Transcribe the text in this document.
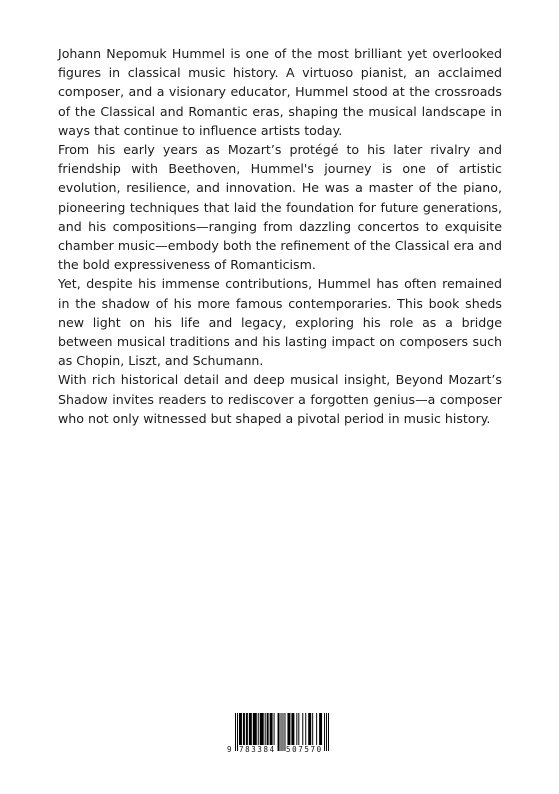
Johann Nepomuk Hummel is one of the most brilliant yet overlooked figures in classical music history. A virtuoso pianist, an acclaimed composer, and a visionary educator, Hummel stood at the crossroads of the Classical and Romantic eras, shaping the musical landscape in ways that continue to influence artists today.

From his early years as Mozart’s protégé to his later rivalry and friendship with Beethoven, Hummel's journey is one of artistic evolution, resilience, and innovation. He was a master of the piano, pioneering techniques that laid the foundation for future generations, and his compositions—ranging from dazzling concertos to exquisite chamber music—embody both the refinement of the Classical era and the bold expressiveness of Romanticism.

Yet, despite his immense contributions, Hummel has often remained in the shadow of his more famous contemporaries. This book sheds new light on his life and legacy, exploring his role as a bridge between musical traditions and his lasting impact on composers such as Chopin, Liszt, and Schumann.

With rich historical detail and deep musical insight, Beyond Mozart’s Shadow invites readers to rediscover a forgotten genius—a composer who not only witnessed but shaped a pivotal period in music history.

9 783384 507570
